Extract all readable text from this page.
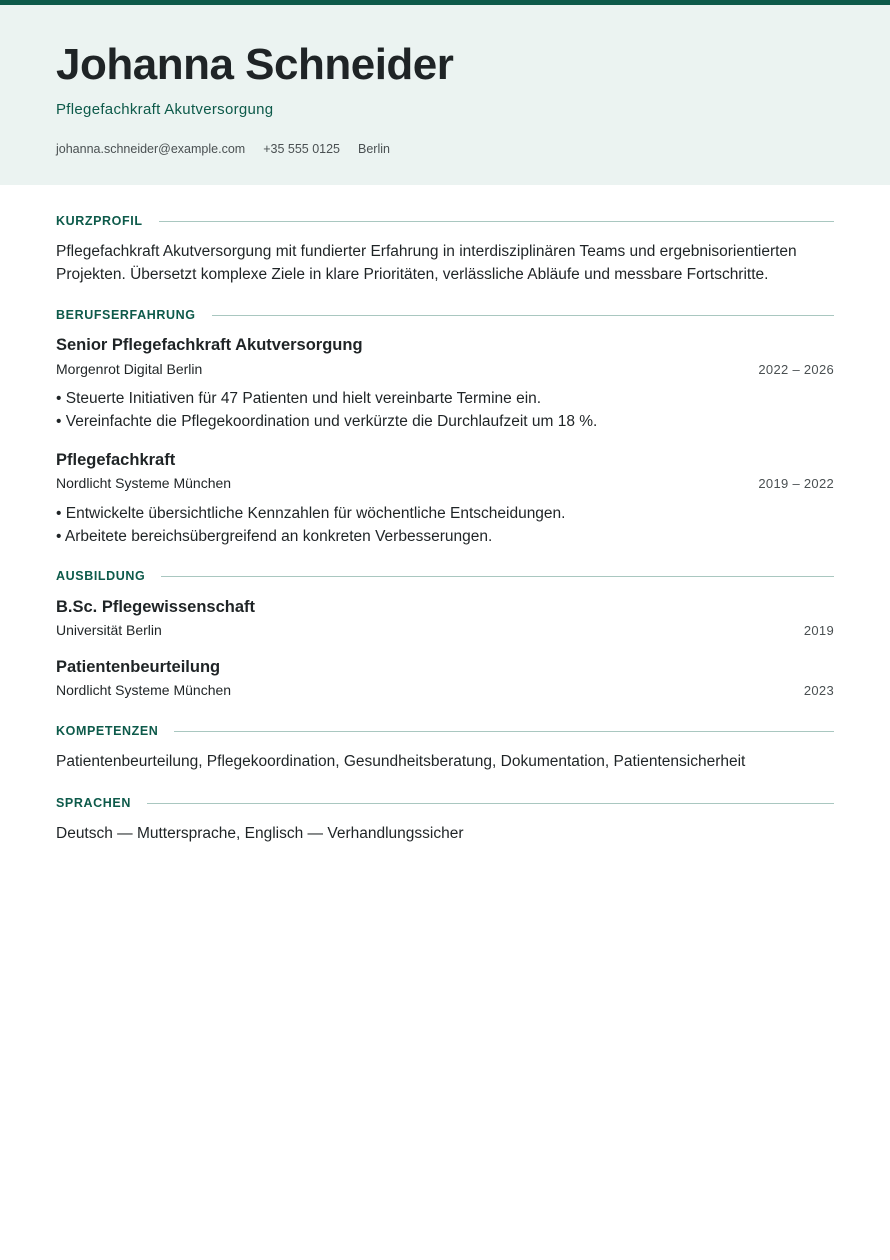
Johanna Schneider
Pflegefachkraft Akutversorgung
johanna.schneider@example.com +35 555 0125 Berlin
KURZPROFIL
Pflegefachkraft Akutversorgung mit fundierter Erfahrung in interdisziplinären Teams und ergebnisorientierten Projekten. Übersetzt komplexe Ziele in klare Prioritäten, verlässliche Abläufe und messbare Fortschritte.
BERUFSERFAHRUNG
Senior Pflegefachkraft Akutversorgung
Morgenrot Digital Berlin	2022 – 2026
• Steuerte Initiativen für 47 Patienten und hielt vereinbarte Termine ein.
• Vereinfachte die Pflegekoordination und verkürzte die Durchlaufzeit um 18 %.
Pflegefachkraft
Nordlicht Systeme München	2019 – 2022
• Entwickelte übersichtliche Kennzahlen für wöchentliche Entscheidungen.
• Arbeitete bereichsübergreifend an konkreten Verbesserungen.
AUSBILDUNG
B.Sc. Pflegewissenschaft
Universität Berlin	2019
Patientenbeurteilung
Nordlicht Systeme München	2023
KOMPETENZEN
Patientenbeurteilung, Pflegekoordination, Gesundheitsberatung, Dokumentation, Patientensicherheit
SPRACHEN
Deutsch — Muttersprache, Englisch — Verhandlungssicher
